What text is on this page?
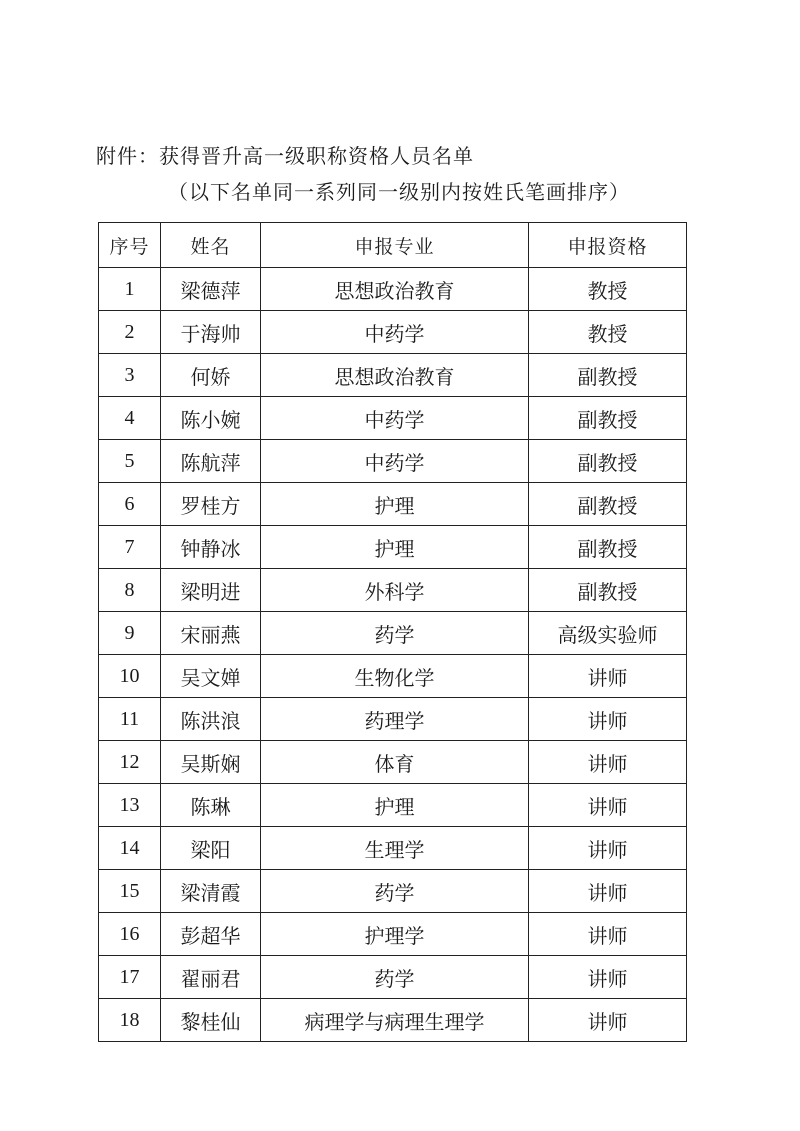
附件：获得晋升高一级职称资格人员名单
（以下名单同一系列同一级别内按姓氏笔画排序）
序号	姓名	申报专业	申报资格
1	梁德萍	思想政治教育	教授
2	于海帅	中药学	教授
3	何娇	思想政治教育	副教授
4	陈小婉	中药学	副教授
5	陈航萍	中药学	副教授
6	罗桂方	护理	副教授
7	钟静冰	护理	副教授
8	梁明进	外科学	副教授
9	宋丽燕	药学	高级实验师
10	吴文婵	生物化学	讲师
11	陈洪浪	药理学	讲师
12	吴斯娴	体育	讲师
13	陈琳	护理	讲师
14	梁阳	生理学	讲师
15	梁清霞	药学	讲师
16	彭超华	护理学	讲师
17	翟丽君	药学	讲师
18	黎桂仙	病理学与病理生理学	讲师
